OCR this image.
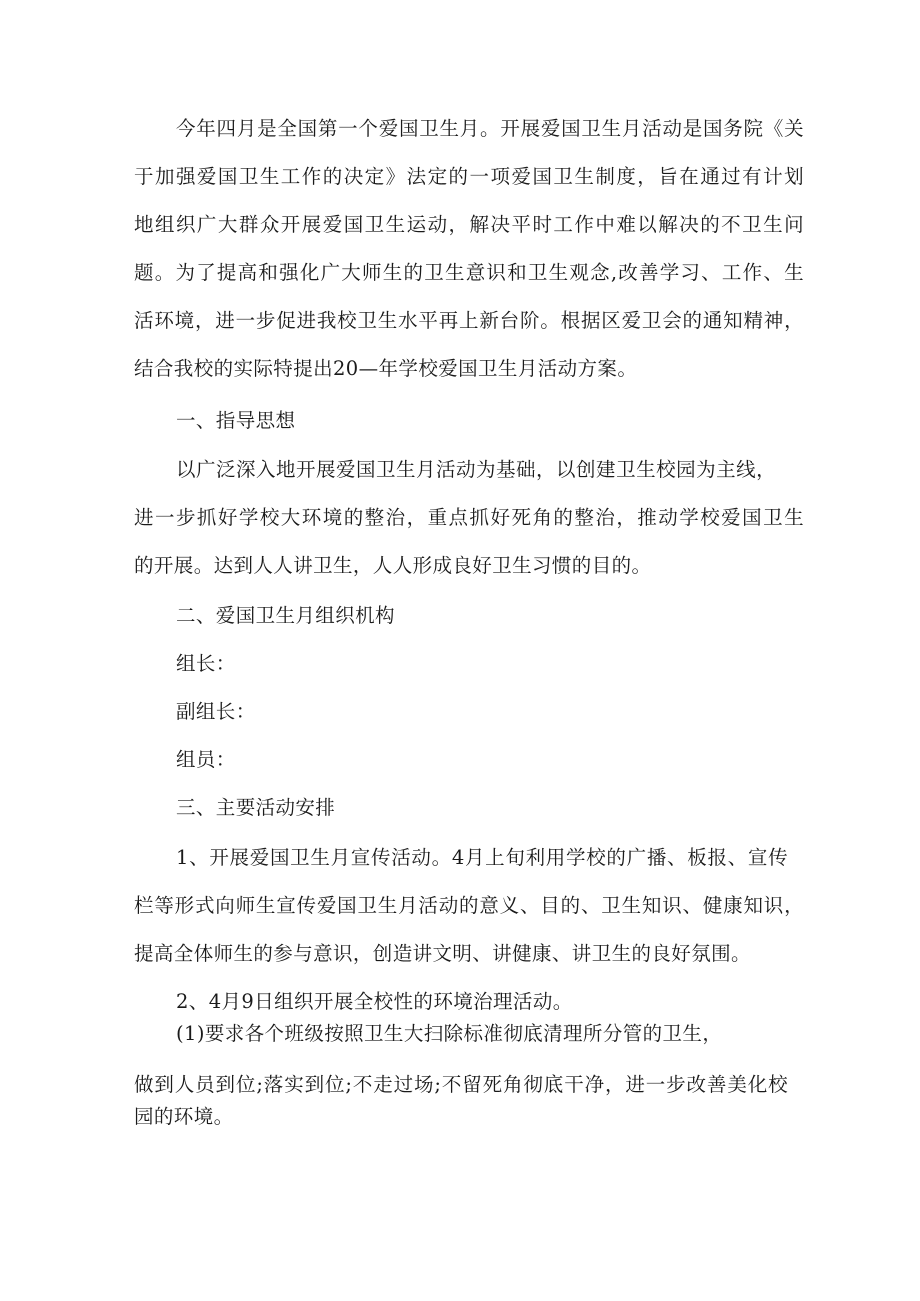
今年四月是全国第一个爱国卫生月。开展爱国卫生月活动是国务院《关
于加强爱国卫生工作的决定》法定的一项爱国卫生制度，旨在通过有计划
地组织广大群众开展爱国卫生运动，解决平时工作中难以解决的不卫生问
题。为了提高和强化广大师生的卫生意识和卫生观念,改善学习、工作、生
活环境，进一步促进我校卫生水平再上新台阶。根据区爱卫会的通知精神，
结合我校的实际特提出20—年学校爱国卫生月活动方案。
一、指导思想
以广泛深入地开展爱国卫生月活动为基础，以创建卫生校园为主线，
进一步抓好学校大环境的整治，重点抓好死角的整治，推动学校爱国卫生
的开展。达到人人讲卫生，人人形成良好卫生习惯的目的。
二、爱国卫生月组织机构
组长：
副组长：
组员：
三、主要活动安排
1、开展爱国卫生月宣传活动。4月上旬利用学校的广播、板报、宣传
栏等形式向师生宣传爱国卫生月活动的意义、目的、卫生知识、健康知识，
提高全体师生的参与意识，创造讲文明、讲健康、讲卫生的良好氛围。
2、4月9日组织开展全校性的环境治理活动。
(1)要求各个班级按照卫生大扫除标准彻底清理所分管的卫生，
做到人员到位;落实到位;不走过场;不留死角彻底干净，进一步改善美化校
园的环境。
